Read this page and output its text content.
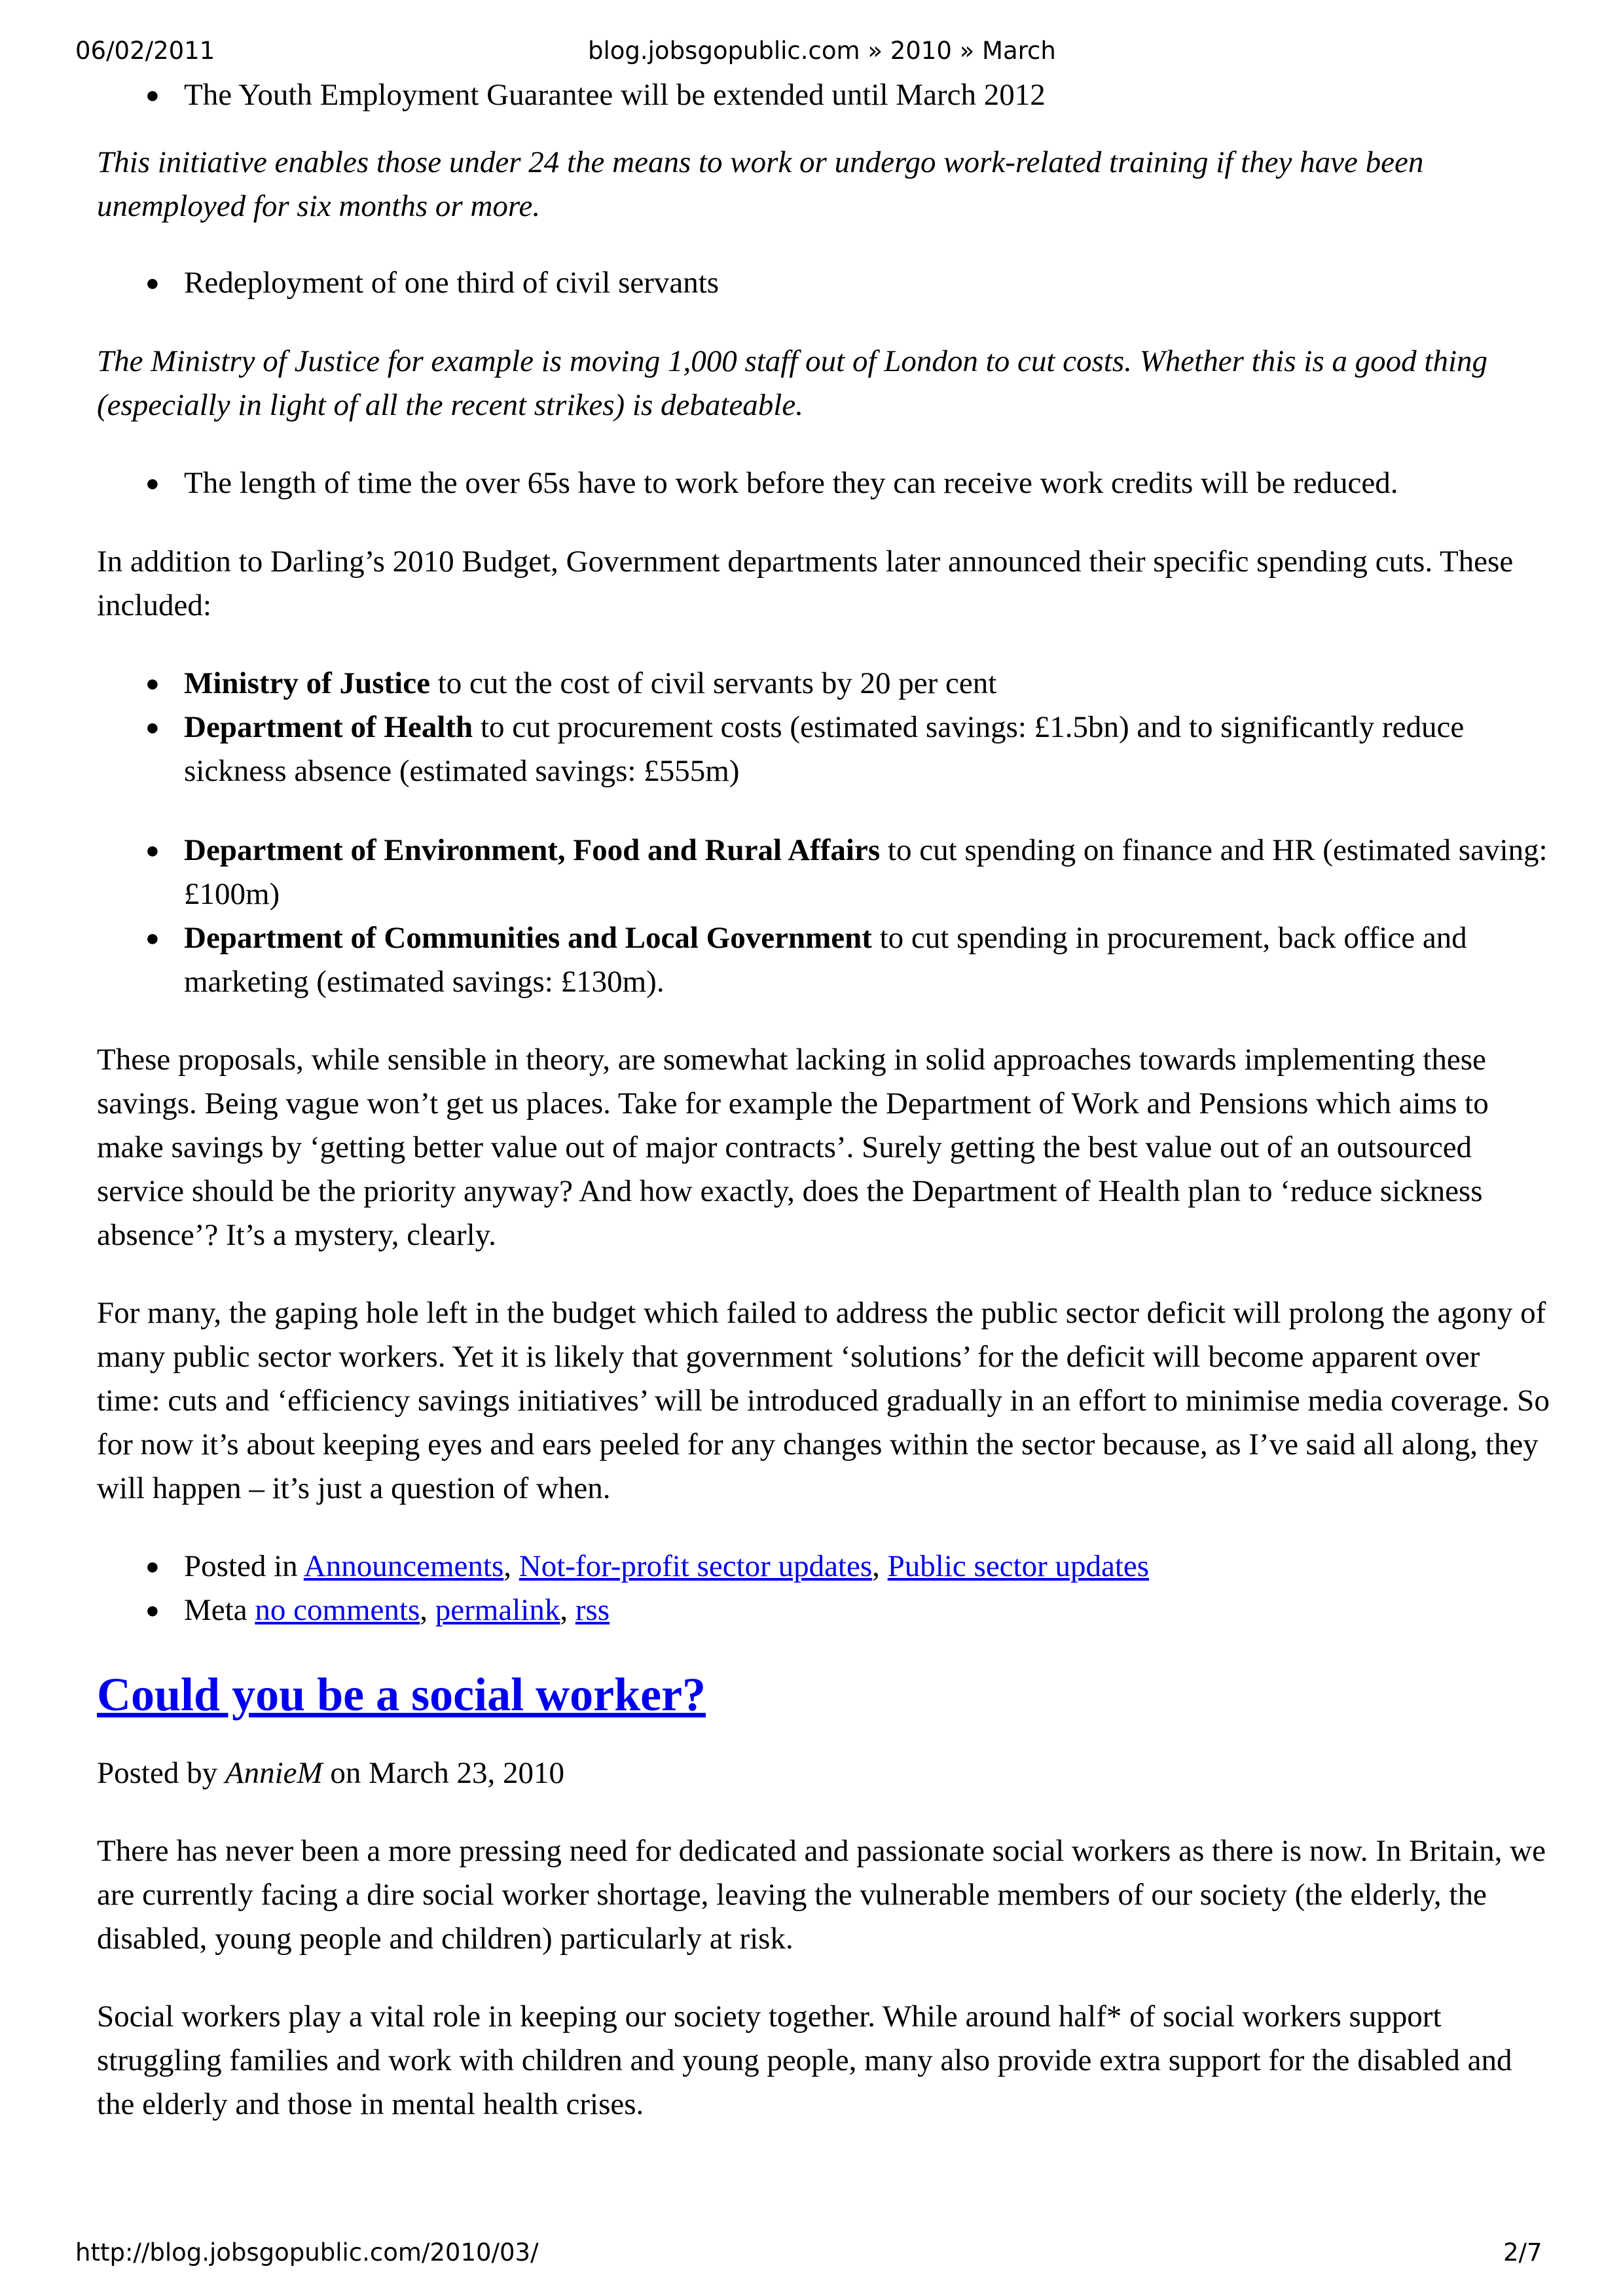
06/02/2011	blog.jobsgopublic.com » 2010 » March
● The Youth Employment Guarantee will be extended until March 2012

This initiative enables those under 24 the means to work or undergo work-related training if they have been unemployed for six months or more.

● Redeployment of one third of civil servants

The Ministry of Justice for example is moving 1,000 staff out of London to cut costs. Whether this is a good thing (especially in light of all the recent strikes) is debateable.

● The length of time the over 65s have to work before they can receive work credits will be reduced.

In addition to Darling’s 2010 Budget, Government departments later announced their specific spending cuts. These included:

● Ministry of Justice to cut the cost of civil servants by 20 per cent
● Department of Health to cut procurement costs (estimated savings: £1.5bn) and to significantly reduce sickness absence (estimated savings: £555m)
● Department of Environment, Food and Rural Affairs to cut spending on finance and HR (estimated saving: £100m)
● Department of Communities and Local Government to cut spending in procurement, back office and marketing (estimated savings: £130m).

These proposals, while sensible in theory, are somewhat lacking in solid approaches towards implementing these savings. Being vague won’t get us places. Take for example the Department of Work and Pensions which aims to make savings by ‘getting better value out of major contracts’. Surely getting the best value out of an outsourced service should be the priority anyway? And how exactly, does the Department of Health plan to ‘reduce sickness absence’? It’s a mystery, clearly.

For many, the gaping hole left in the budget which failed to address the public sector deficit will prolong the agony of many public sector workers. Yet it is likely that government ‘solutions’ for the deficit will become apparent over time: cuts and ‘efficiency savings initiatives’ will be introduced gradually in an effort to minimise media coverage. So for now it’s about keeping eyes and ears peeled for any changes within the sector because, as I’ve said all along, they will happen – it’s just a question of when.

● Posted in Announcements, Not-for-profit sector updates, Public sector updates
● Meta no comments, permalink, rss
Could you be a social worker?

Posted by AnnieM on March 23, 2010

There has never been a more pressing need for dedicated and passionate social workers as there is now. In Britain, we are currently facing a dire social worker shortage, leaving the vulnerable members of our society (the elderly, the disabled, young people and children) particularly at risk.

Social workers play a vital role in keeping our society together. While around half* of social workers support struggling families and work with children and young people, many also provide extra support for the disabled and the elderly and those in mental health crises.

http://blog.jobsgopublic.com/2010/03/	2/7
